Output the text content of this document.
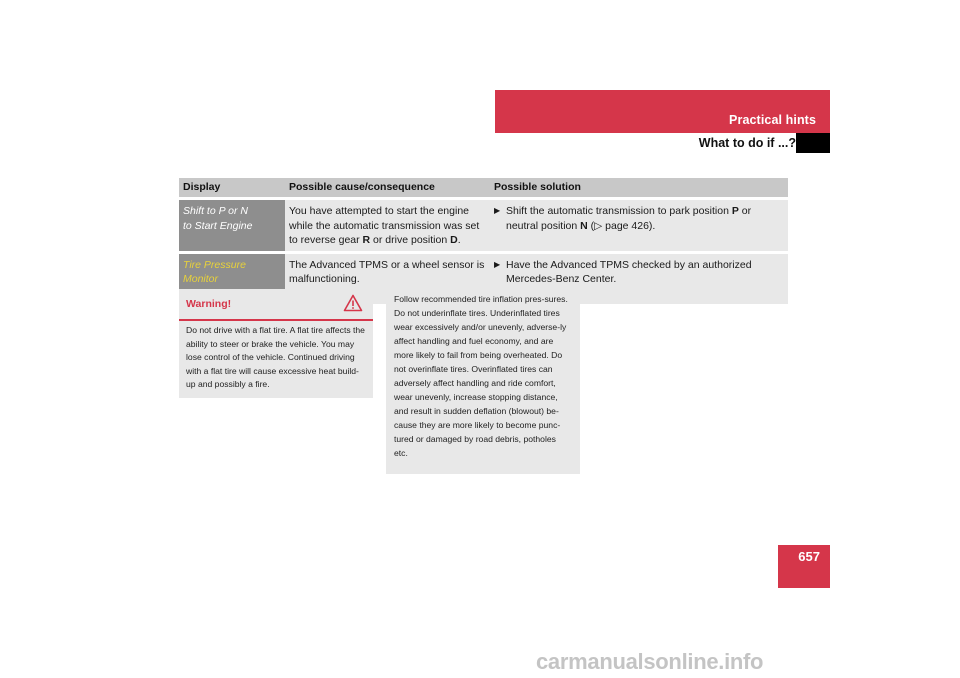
Practical hints
What to do if ...?
Display	Possible cause/consequence	Possible solution
Shift to P or N
to Start Engine	You have attempted to start the engine while the automatic transmission was set to reverse gear R or drive position D.	▶ Shift the automatic transmission to park position P or neutral position N (▷ page 426).

Tire Pressure Monitor	The Advanced TPMS or a wheel sensor is malfunctioning.	▶ Have the Advanced TPMS checked by an authorized Mercedes-Benz Center.
Warning!
Do not drive with a flat tire. A flat tire affects the ability to steer or brake the vehicle. You may lose control of the vehicle. Continued driving with a flat tire will cause excessive heat build-up and possibly a fire.
Follow recommended tire inflation pres-sures. Do not underinflate tires. Underinflated tires wear excessively and/or unevenly, adverse-ly affect handling and fuel economy, and are more likely to fail from being overheated. Do not overinflate tires. Overinflated tires can adversely affect handling and ride comfort, wear unevenly, increase stopping distance, and result in sudden deflation (blowout) be-cause they are more likely to become punc-tured or damaged by road debris, potholes etc.
657
carmanualsonline.info
